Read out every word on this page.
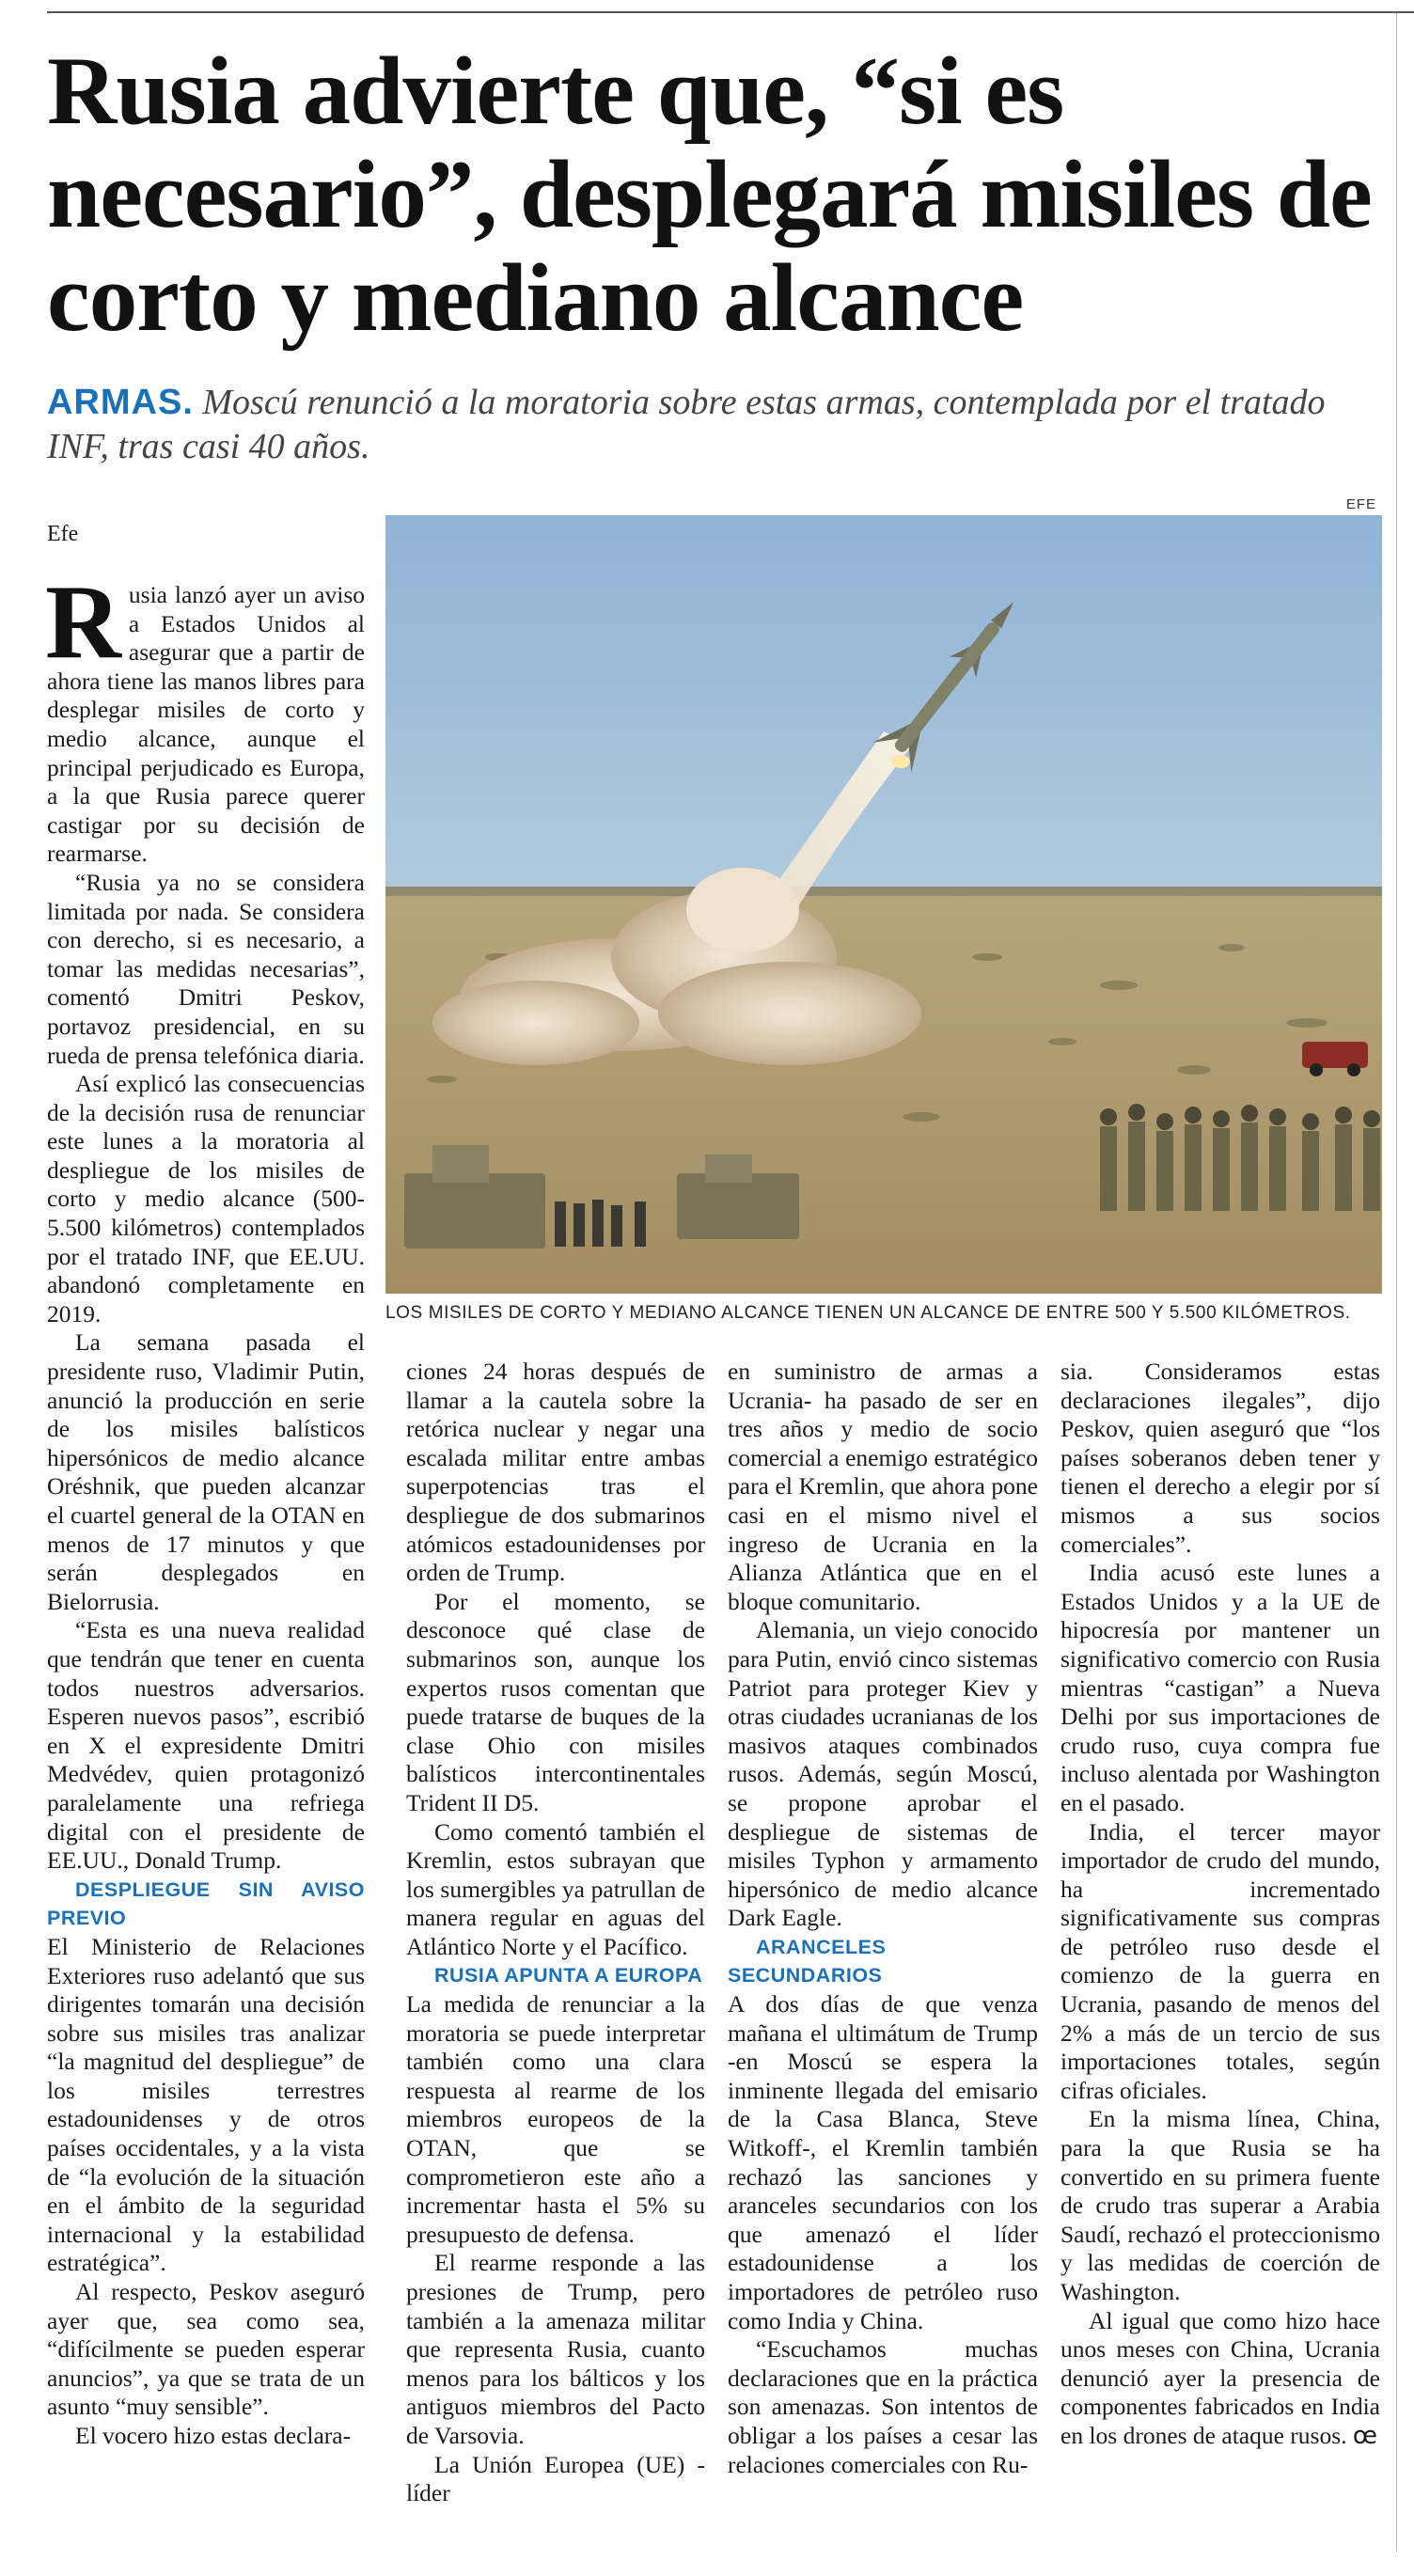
Rusia advierte que, “si es necesario”, desplegará misiles de corto y mediano alcance
ARMAS. Moscú renunció a la moratoria sobre estas armas, contemplada por el tratado INF, tras casi 40 años.
Efe
EFE
LOS MISILES DE CORTO Y MEDIANO ALCANCE TIENEN UN ALCANCE DE ENTRE 500 Y 5.500 KILÓMETROS.

Rusia lanzó ayer un aviso a Estados Unidos al asegurar que a partir de ahora tiene las manos libres para desplegar misiles de corto y medio alcance, aunque el principal perjudicado es Europa, a la que Rusia parece querer castigar por su decisión de rearmarse.

“Rusia ya no se considera limitada por nada. Se considera con derecho, si es necesario, a tomar las medidas necesarias”, comentó Dmitri Peskov, portavoz presidencial, en su rueda de prensa telefónica diaria.

Así explicó las consecuencias de la decisión rusa de renunciar este lunes a la moratoria al despliegue de los misiles de corto y medio alcance (500-5.500 kilómetros) contemplados por el tratado INF, que EE.UU. abandonó completamente en 2019.

La semana pasada el presidente ruso, Vladimir Putin, anunció la producción en serie de los misiles balísticos hipersónicos de medio alcance Oréshnik, que pueden alcanzar el cuartel general de la OTAN en menos de 17 minutos y que serán desplegados en Bielorrusia.

“Esta es una nueva realidad que tendrán que tener en cuenta todos nuestros adversarios. Esperen nuevos pasos”, escribió en X el expresidente Dmitri Medvédev, quien protagonizó paralelamente una refriega digital con el presidente de EE.UU., Donald Trump.

DESPLIEGUE SIN AVISO PREVIO

El Ministerio de Relaciones Exteriores ruso adelantó que sus dirigentes tomarán una decisión sobre sus misiles tras analizar “la magnitud del despliegue” de los misiles terrestres estadounidenses y de otros países occidentales, y a la vista de “la evolución de la situación en el ámbito de la seguridad internacional y la estabilidad estratégica”.

Al respecto, Peskov aseguró ayer que, sea como sea, “difícilmente se pueden esperar anuncios”, ya que se trata de un asunto “muy sensible”.

El vocero hizo estas declara-

ciones 24 horas después de llamar a la cautela sobre la retórica nuclear y negar una escalada militar entre ambas superpotencias tras el despliegue de dos submarinos atómicos estadounidenses por orden de Trump.

Por el momento, se desconoce qué clase de submarinos son, aunque los expertos rusos comentan que puede tratarse de buques de la clase Ohio con misiles balísticos intercontinentales Trident II D5.

Como comentó también el Kremlin, estos subrayan que los sumergibles ya patrullan de manera regular en aguas del Atlántico Norte y el Pacífico.

RUSIA APUNTA A EUROPA

La medida de renunciar a la moratoria se puede interpretar también como una clara respuesta al rearme de los miembros europeos de la OTAN, que se comprometieron este año a incrementar hasta el 5% su presupuesto de defensa.

El rearme responde a las presiones de Trump, pero también a la amenaza militar que representa Rusia, cuanto menos para los bálticos y los antiguos miembros del Pacto de Varsovia.

La Unión Europea (UE) -líder

en suministro de armas a Ucrania- ha pasado de ser en tres años y medio de socio comercial a enemigo estratégico para el Kremlin, que ahora pone casi en el mismo nivel el ingreso de Ucrania en la Alianza Atlántica que en el bloque comunitario.

Alemania, un viejo conocido para Putin, envió cinco sistemas Patriot para proteger Kiev y otras ciudades ucranianas de los masivos ataques combinados rusos. Además, según Moscú, se propone aprobar el despliegue de sistemas de misiles Typhon y armamento hipersónico de medio alcance Dark Eagle.

ARANCELES SECUNDARIOS

A dos días de que venza mañana el ultimátum de Trump -en Moscú se espera la inminente llegada del emisario de la Casa Blanca, Steve Witkoff-, el Kremlin también rechazó las sanciones y aranceles secundarios con los que amenazó el líder estadounidense a los importadores de petróleo ruso como India y China.

“Escuchamos muchas declaraciones que en la práctica son amenazas. Son intentos de obligar a los países a cesar las relaciones comerciales con Ru-

sia. Consideramos estas declaraciones ilegales”, dijo Peskov, quien aseguró que “los países soberanos deben tener y tienen el derecho a elegir por sí mismos a sus socios comerciales”.

India acusó este lunes a Estados Unidos y a la UE de hipocresía por mantener un significativo comercio con Rusia mientras “castigan” a Nueva Delhi por sus importaciones de crudo ruso, cuya compra fue incluso alentada por Washington en el pasado.

India, el tercer mayor importador de crudo del mundo, ha incrementado significativamente sus compras de petróleo ruso desde el comienzo de la guerra en Ucrania, pasando de menos del 2% a más de un tercio de sus importaciones totales, según cifras oficiales.

En la misma línea, China, para la que Rusia se ha convertido en su primera fuente de crudo tras superar a Arabia Saudí, rechazó el proteccionismo y las medidas de coerción de Washington.

Al igual que como hizo hace unos meses con China, Ucrania denunció ayer la presencia de componentes fabricados en India en los drones de ataque rusos. œ
